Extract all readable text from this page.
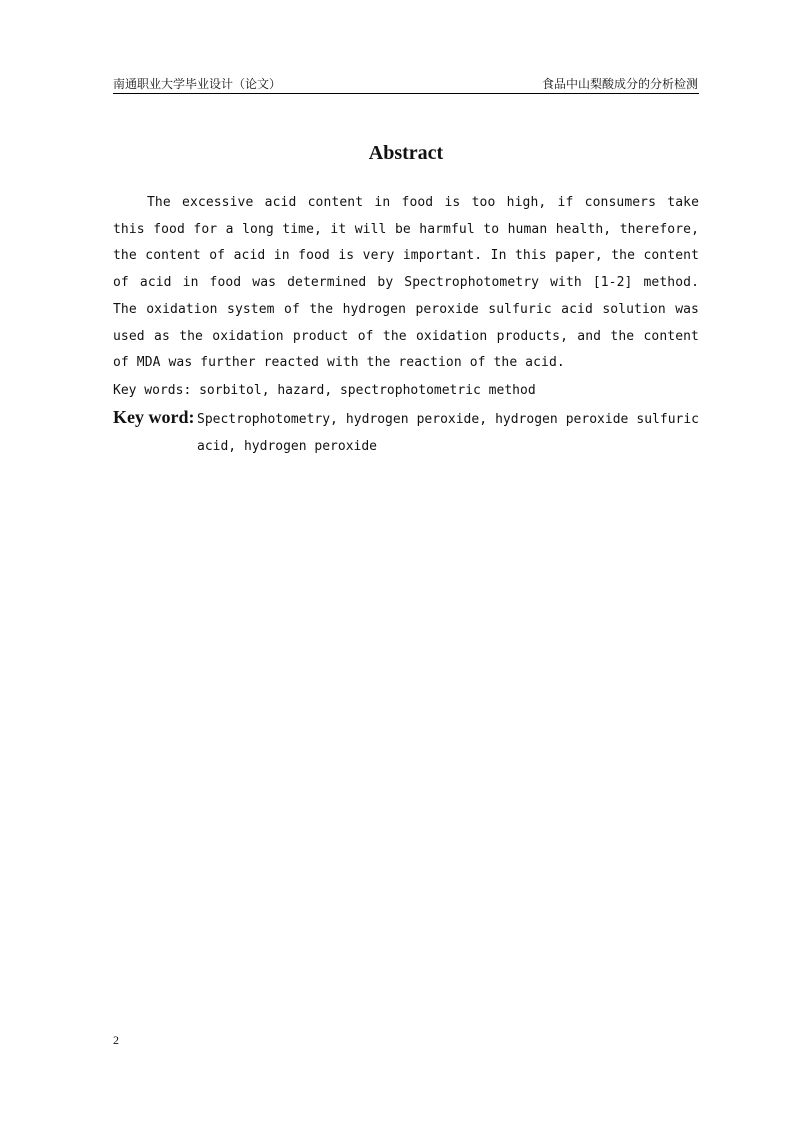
南通职业大学毕业设计（论文）	食品中山梨酸成分的分析检测
Abstract

The excessive acid content in food is too high, if consumers take this food for a long time, it will be harmful to human health, therefore, the content of acid in food is very important. In this paper, the content of acid in food was determined by Spectrophotometry with [1-2] method. The oxidation system of the hydrogen peroxide sulfuric acid solution was used as the oxidation product of the oxidation products, and the content of MDA was further reacted with the reaction of the acid.

Key words: sorbitol, hazard, spectrophotometric method

Key word: Spectrophotometry, hydrogen peroxide, hydrogen peroxide sulfuric acid, hydrogen peroxide

2
